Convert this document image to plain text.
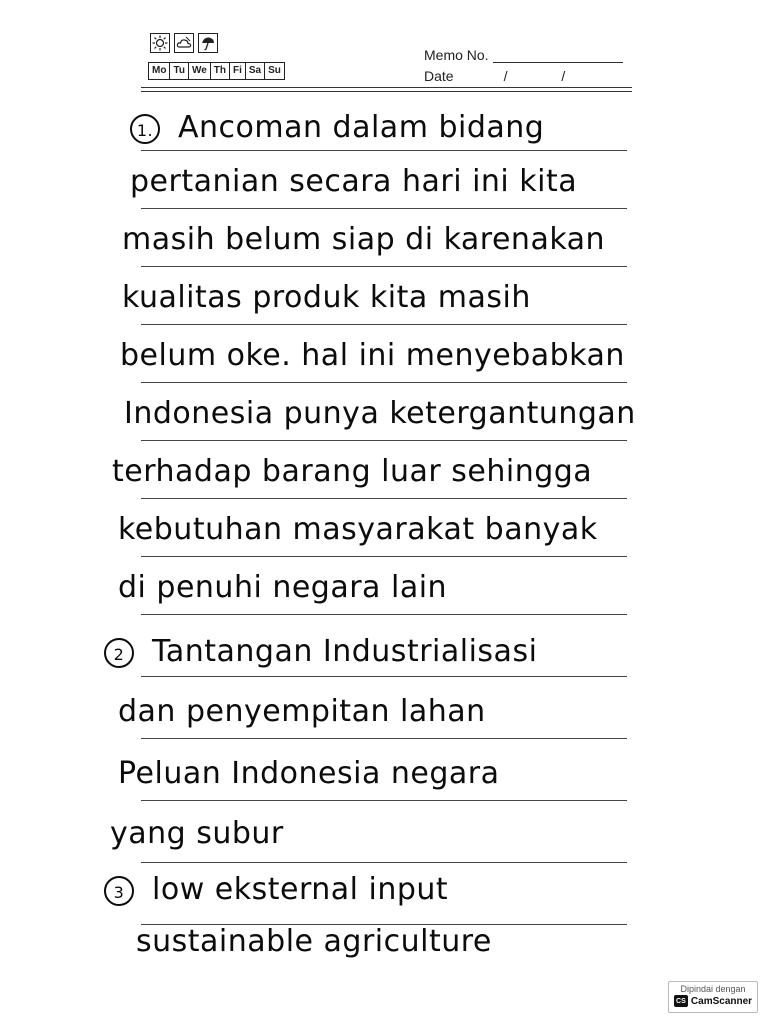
Mo Tu We Th Fi Sa Su
Memo No.
Date	/	/
1. Ancoman dalam bidang
pertanian secara hari ini kita
masih belum siap di karenakan
kualitas produk kita masih
belum oke. hal ini menyebabkan
Indonesia punya ketergantungan
terhadap barang luar sehingga
kebutuhan masyarakat banyak
di penuhi negara lain
2 Tantangan Industrialisasi
dan penyempitan lahan
Peluan Indonesia negara
yang subur
3 low eksternal input
sustainable agriculture
Dipindai dengan
CS CamScanner
